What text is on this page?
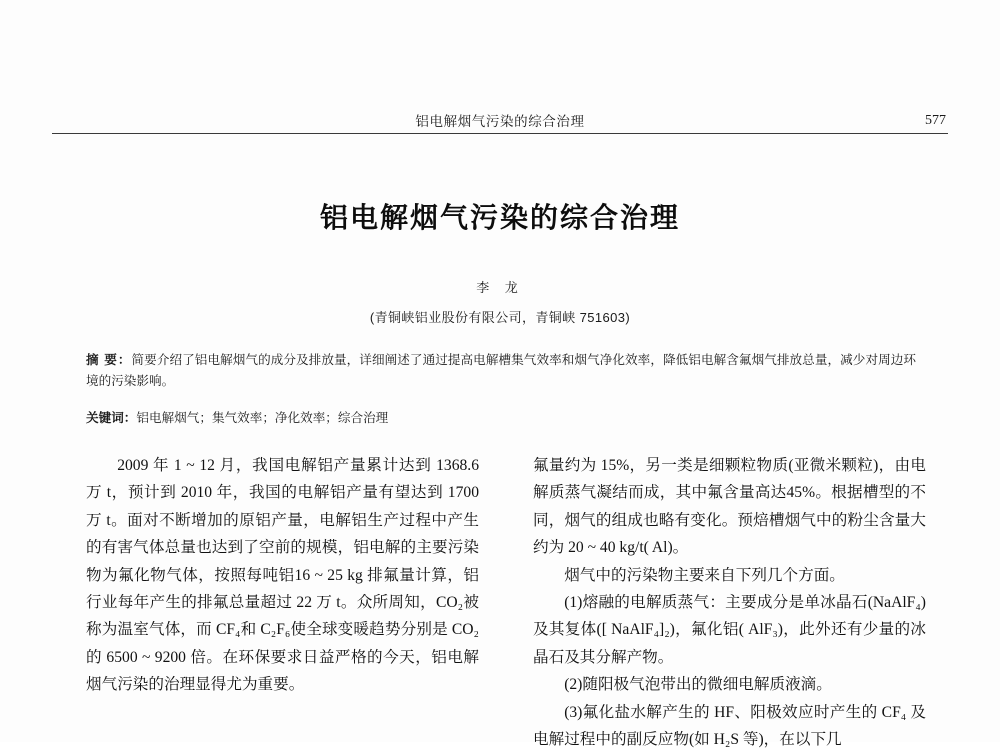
铝电解烟气污染的综合治理	577
铝电解烟气污染的综合治理
李 龙
(青铜峡铝业股份有限公司，青铜峡 751603)
摘 要：简要介绍了铝电解烟气的成分及排放量，详细阐述了通过提高电解槽集气效率和烟气净化效率，降低铝电解含氟烟气排放总量，减少对周边环境的污染影响。
关键词：铝电解烟气；集气效率；净化效率；综合治理

2009 年 1 ~ 12 月，我国电解铝产量累计达到 1368.6 万 t，预计到 2010 年，我国的电解铝产量有望达到 1700 万 t。面对不断增加的原铝产量，电解铝生产过程中产生的有害气体总量也达到了空前的规模，铝电解的主要污染物为氟化物气体，按照每吨铝16 ~ 25 kg 排氟量计算，铝行业每年产生的排氟总量超过 22 万 t。众所周知，CO₂被称为温室气体，而 CF₄和 C₂F₆使全球变暖趋势分别是 CO₂的 6500 ~ 9200 倍。在环保要求日益严格的今天，铝电解烟气污染的治理显得尤为重要。

氟量约为 15%，另一类是细颗粒物质(亚微米颗粒)，由电解质蒸气凝结而成，其中氟含量高达45%。根据槽型的不同，烟气的组成也略有变化。预焙槽烟气中的粉尘含量大约为 20 ~ 40 kg/t( Al)。

烟气中的污染物主要来自下列几个方面。

(1)熔融的电解质蒸气：主要成分是单冰晶石(NaAlF₄)及其复体([ NaAlF₄]₂)，氟化铝( AlF₃)，此外还有少量的冰晶石及其分解产物。

(2)随阳极气泡带出的微细电解质液滴。

(3)氟化盐水解产生的 HF、阳极效应时产生的 CF₄ 及电解过程中的副反应物(如 H₂S 等)，在以下几
